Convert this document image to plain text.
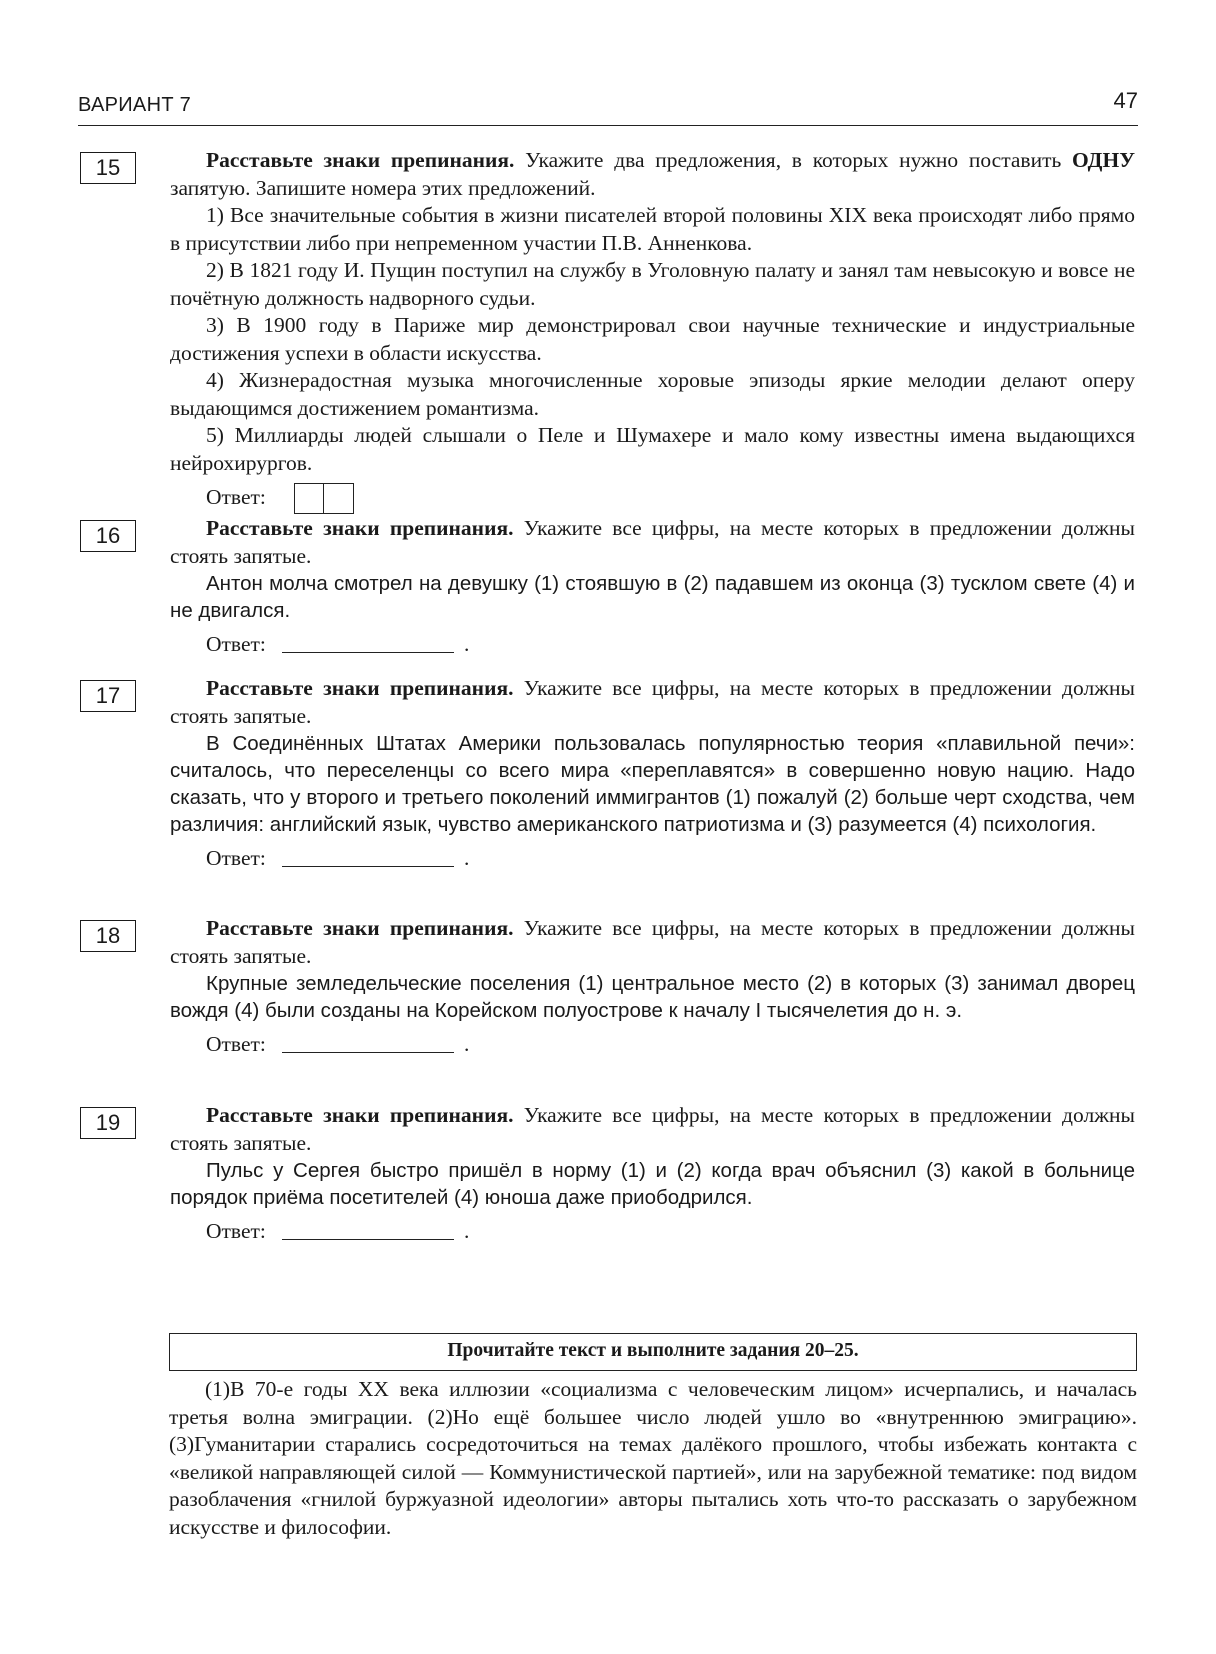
ВАРИАНТ 7	47
15	Расставьте знаки препинания. Укажите два предложения, в которых нужно поставить ОДНУ запятую. Запишите номера этих предложений.

1) Все значительные события в жизни писателей второй половины XIX века происходят либо прямо в присутствии либо при непременном участии П.В. Анненкова.

2) В 1821 году И. Пущин поступил на службу в Уголовную палату и занял там невысокую и вовсе не почётную должность надворного судьи.

3) В 1900 году в Париже мир демонстрировал свои научные технические и индустриальные достижения успехи в области искусства.

4) Жизнерадостная музыка многочисленные хоровые эпизоды яркие мелодии делают оперу выдающимся достижением романтизма.

5) Миллиарды людей слышали о Пеле и Шумахере и мало кому известны имена выдающихся нейрохирургов.

Ответ:
16	Расставьте знаки препинания. Укажите все цифры, на месте которых в предложении должны стоять запятые.

Антон молча смотрел на девушку (1) стоявшую в (2) падавшем из оконца (3) тусклом свете (4) и не двигался.

Ответ:	.
17	Расставьте знаки препинания. Укажите все цифры, на месте которых в предложении должны стоять запятые.

В Соединённых Штатах Америки пользовалась популярностью теория «плавильной печи»: считалось, что переселенцы со всего мира «переплавятся» в совершенно новую нацию. Надо сказать, что у второго и третьего поколений иммигрантов (1) пожалуй (2) больше черт сходства, чем различия: английский язык, чувство американского патриотизма и (3) разумеется (4) психология.

Ответ:	.
18	Расставьте знаки препинания. Укажите все цифры, на месте которых в предложении должны стоять запятые.

Крупные земледельческие поселения (1) центральное место (2) в которых (3) занимал дворец вождя (4) были созданы на Корейском полуострове к началу I тысячелетия до н. э.

Ответ:	.
19	Расставьте знаки препинания. Укажите все цифры, на месте которых в предложении должны стоять запятые.

Пульс у Сергея быстро пришёл в норму (1) и (2) когда врач объяснил (3) какой в больнице порядок приёма посетителей (4) юноша даже приободрился.

Ответ:	.
Прочитайте текст и выполните задания 20–25.

(1)В 70-е годы XX века иллюзии «социализма с человеческим лицом» исчерпались, и началась третья волна эмиграции. (2)Но ещё большее число людей ушло во «внутреннюю эмиграцию». (3)Гуманитарии старались сосредоточиться на темах далёкого прошлого, чтобы избежать контакта с «великой направляющей силой — Коммунистической партией», или на зарубежной тематике: под видом разоблачения «гнилой буржуазной идеологии» авторы пытались хоть что-то рассказать о зарубежном искусстве и философии.
